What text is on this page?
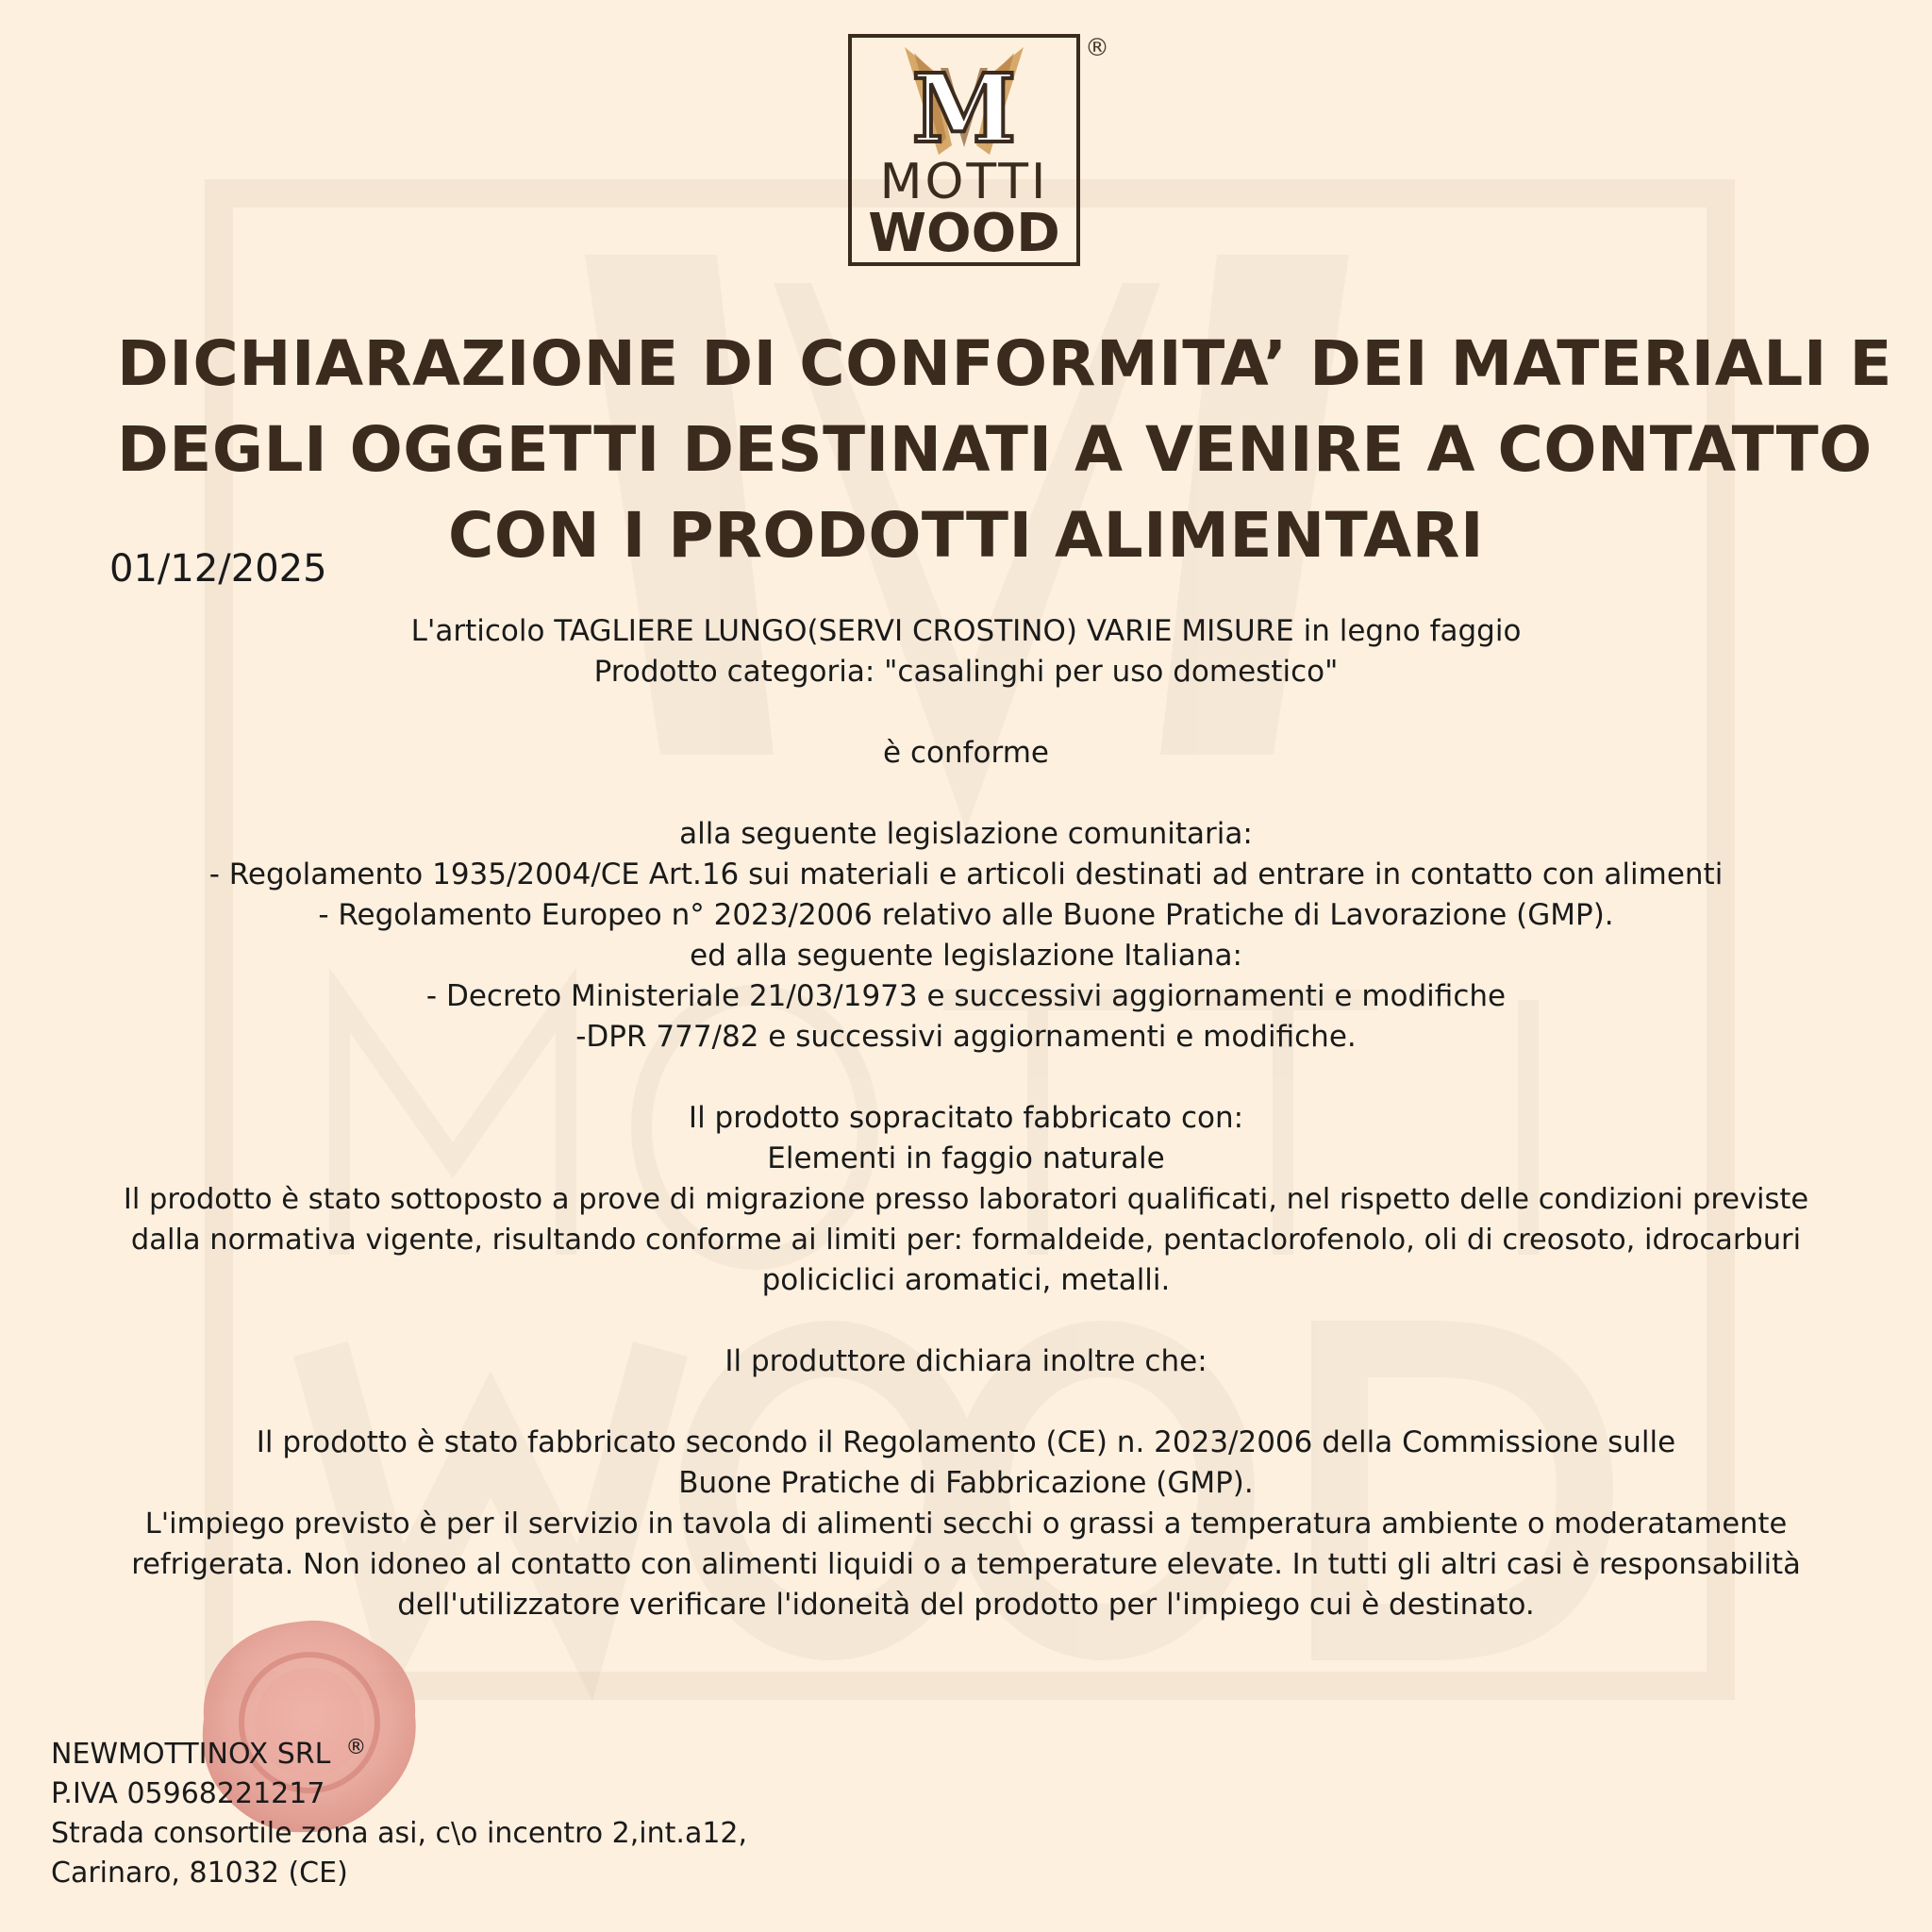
M
MOTTI
WOOD
®
DICHIARAZIONE DI CONFORMITA’ DEI MATERIALI E
DEGLI OGGETTI DESTINATI A VENIRE A CONTATTO
CON I PRODOTTI ALIMENTARI
01/12/2025
L'articolo TAGLIERE LUNGO(SERVI CROSTINO) VARIE MISURE in legno faggio
Prodotto categoria: "casalinghi per uso domestico"
è conforme
alla seguente legislazione comunitaria:
- Regolamento 1935/2004/CE Art.16 sui materiali e articoli destinati ad entrare in contatto con alimenti
- Regolamento Europeo n° 2023/2006 relativo alle Buone Pratiche di Lavorazione (GMP).
ed alla seguente legislazione Italiana:
- Decreto Ministeriale 21/03/1973 e successivi aggiornamenti e modifiche
-DPR 777/82 e successivi aggiornamenti e modifiche.
Il prodotto sopracitato fabbricato con:
Elementi in faggio naturale
Il prodotto è stato sottoposto a prove di migrazione presso laboratori qualificati, nel rispetto delle condizioni previste
dalla normativa vigente, risultando conforme ai limiti per: formaldeide, pentaclorofenolo, oli di creosoto, idrocarburi
policiclici aromatici, metalli.
Il produttore dichiara inoltre che:
Il prodotto è stato fabbricato secondo il Regolamento (CE) n. 2023/2006 della Commissione sulle
Buone Pratiche di Fabbricazione (GMP).
L'impiego previsto è per il servizio in tavola di alimenti secchi o grassi a temperatura ambiente o moderatamente
refrigerata. Non idoneo al contatto con alimenti liquidi o a temperature elevate. In tutti gli altri casi è responsabilità
dell'utilizzatore verificare l'idoneità del prodotto per l'impiego cui è destinato.
NEWMOTTINOX SRL ®
P.IVA 05968221217
Strada consortile zona asi, c\o incentro 2,int.a12,
Carinaro, 81032 (CE)
